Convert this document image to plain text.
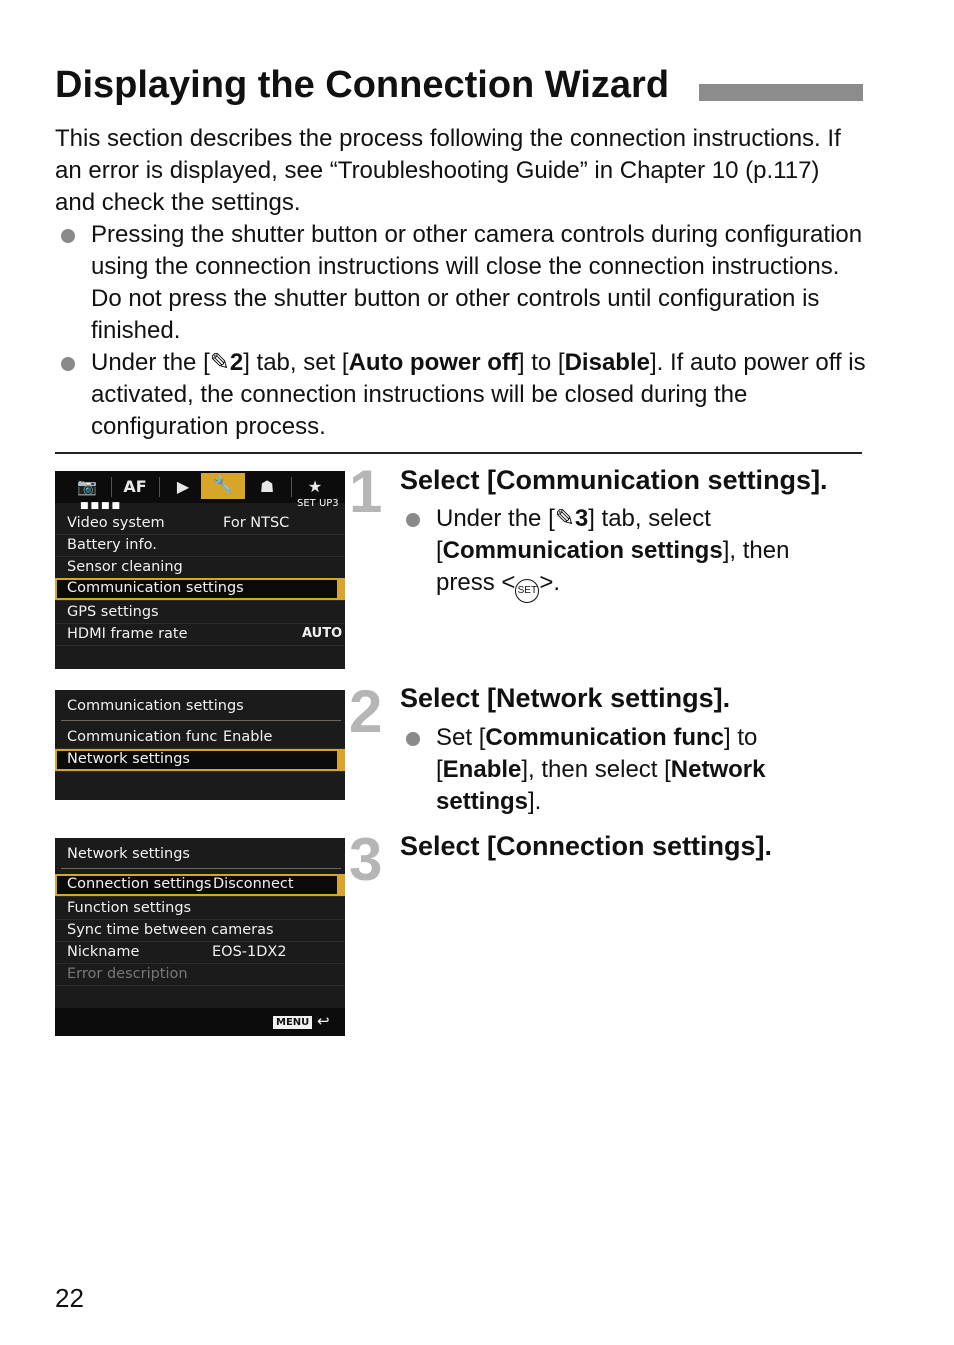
Displaying the Connection Wizard
This section describes the process following the connection instructions. If an error is displayed, see “Troubleshooting Guide” in Chapter 10 (p.117) and check the settings.
Pressing the shutter button or other camera controls during configuration using the connection instructions will close the connection instructions. Do not press the shutter button or other controls until configuration is finished.
Under the [✎2] tab, set [Auto power off] to [Disable]. If auto power off is activated, the connection instructions will be closed during the configuration process.
📷	AF	▶	🔧	☗	★
■■■■	SET UP3
Video system	For NTSC
Battery info.
Sensor cleaning
Communication settings
GPS settings
HDMI frame rate	AUTO
1 Select [Communication settings].
Under the [✎3] tab, select [Communication settings], then press < SET>.
Communication settings
Communication func Enable
Network settings
2 Select [Network settings].
Set [Communication func] to [Enable], then select [Network settings].
Network settings
Connection settings Disconnect
Function settings
Sync time between cameras
Nickname	EOS-1DX2
Error description
MENU ↩
3 Select [Connection settings].
22
